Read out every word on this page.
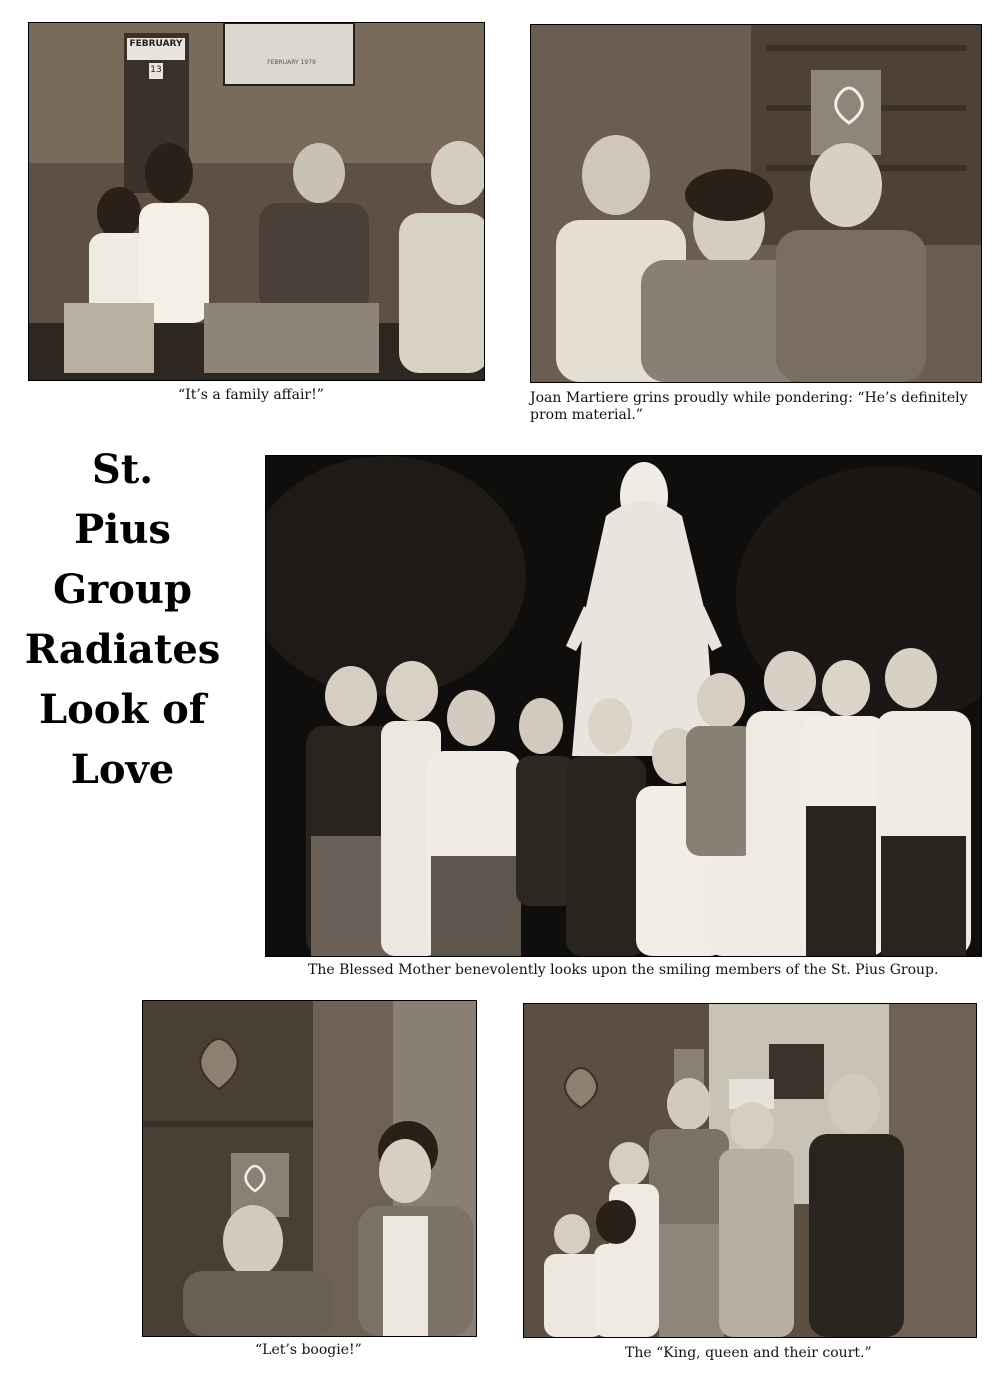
FEBRUARY
13
FEBRUARY 1979
“It’s a family affair!”	Joan Martiere grins proudly while pondering: “He’s definitely prom material.”
St.
Pius
Group
Radiates
Look of
Love
The Blessed Mother benevolently looks upon the smiling members of the St. Pius Group.
“Let’s boogie!”	The “King, queen and their court.”
